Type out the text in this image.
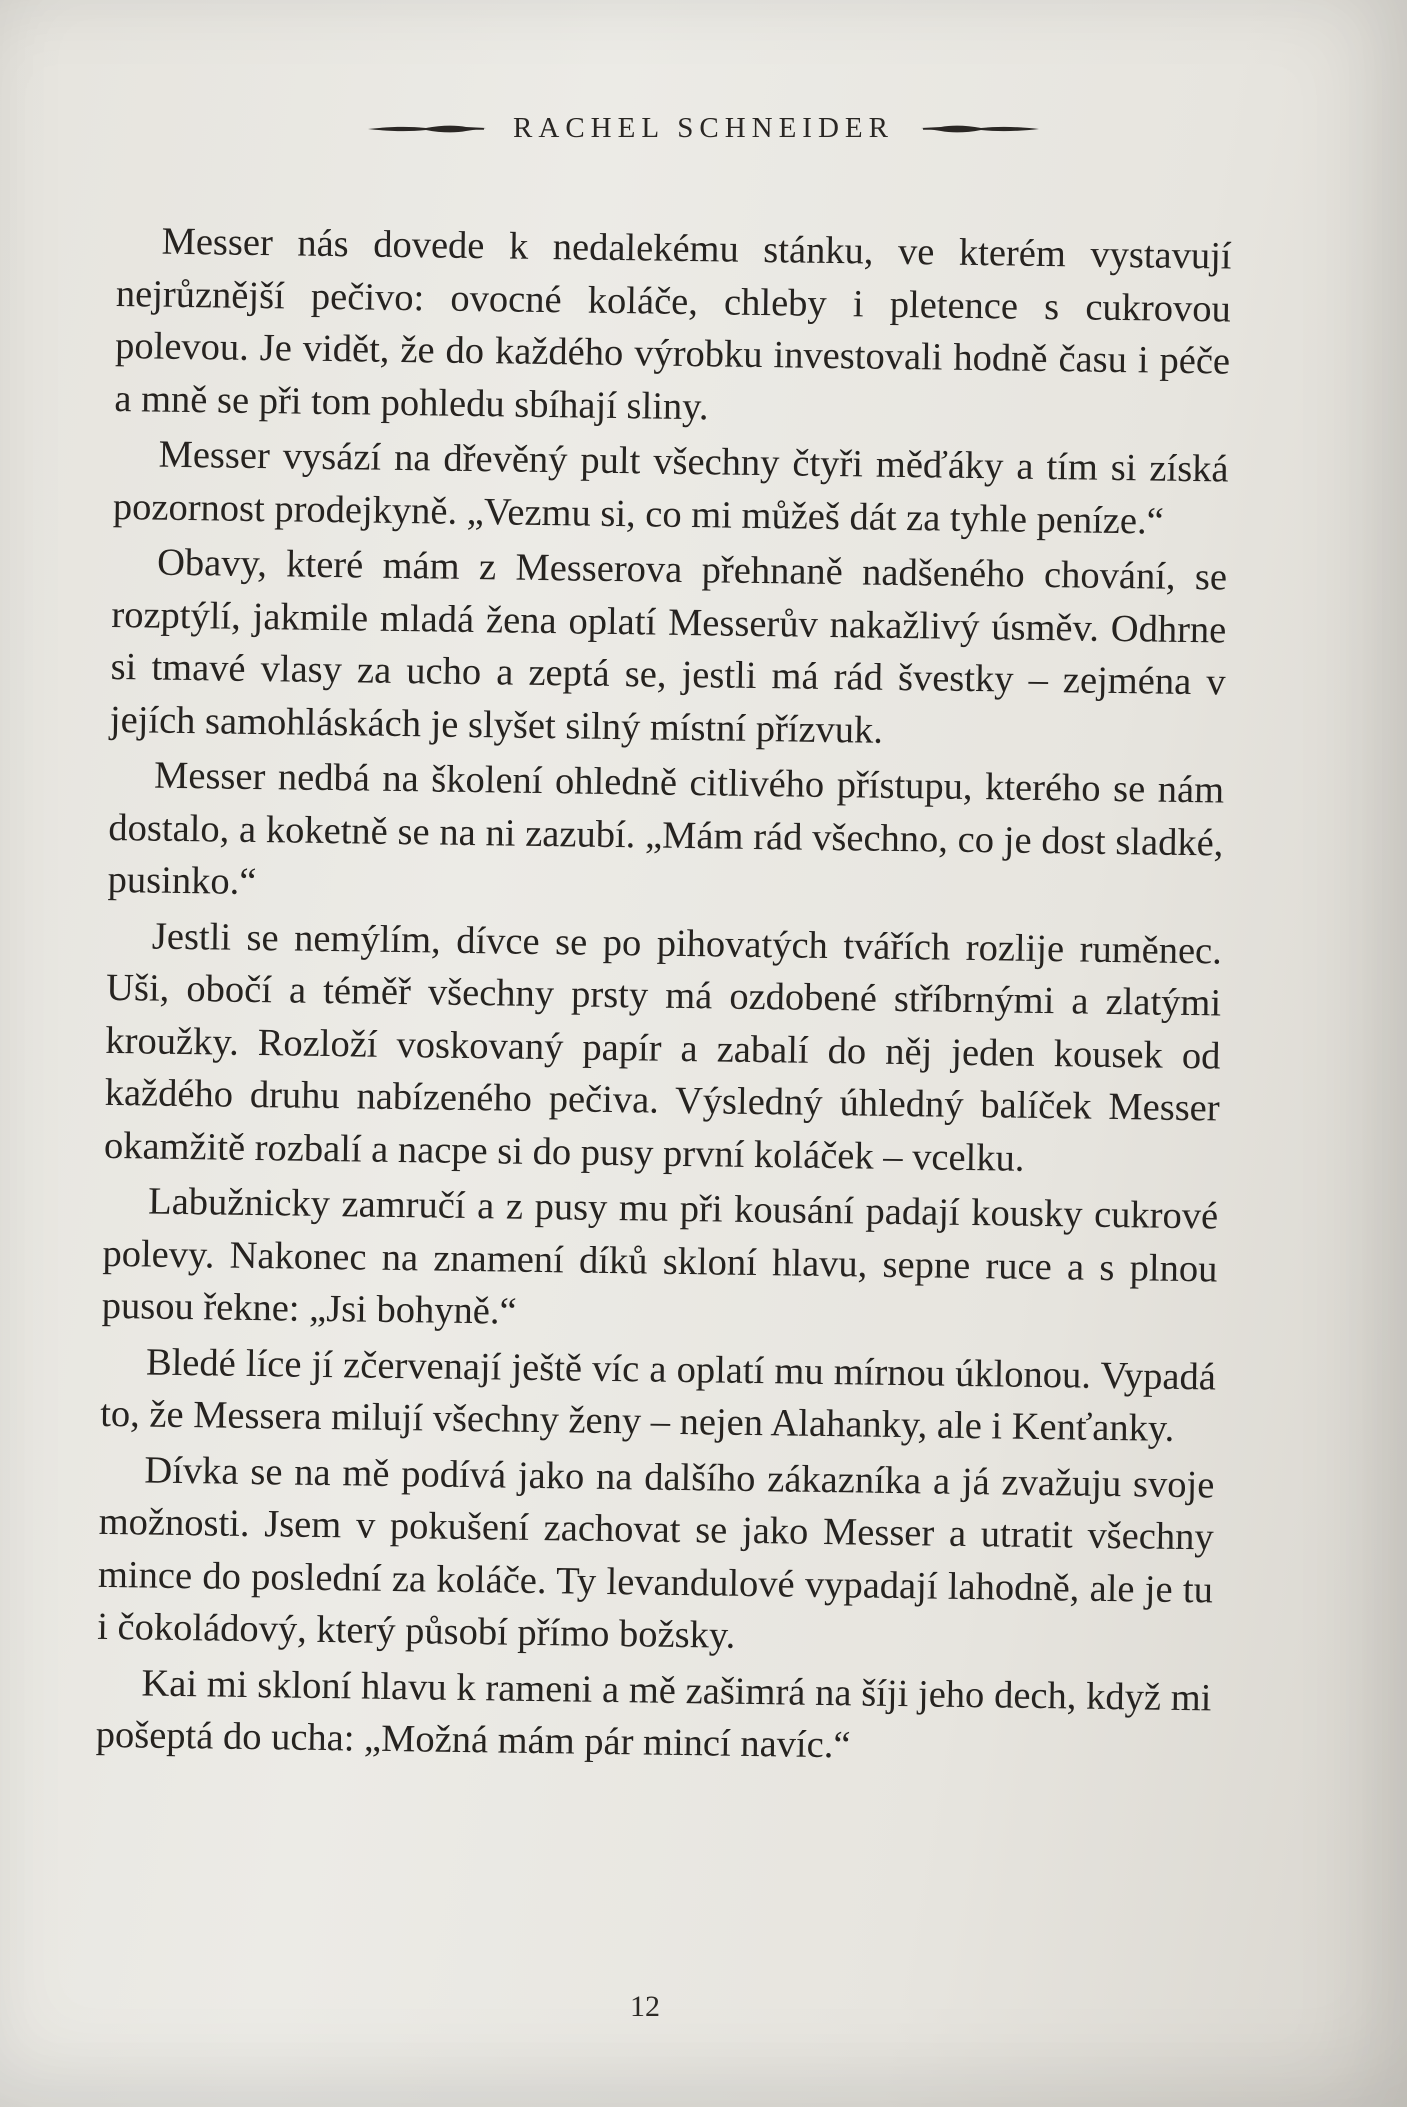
RACHEL SCHNEIDER

Messer nás dovede k nedalekému stánku, ve kterém vystavují nejrůznější pečivo: ovocné koláče, chleby i pletence s cukrovou polevou. Je vidět, že do každého výrobku investovali hodně času i péče a mně se při tom pohledu sbíhají sliny.

Messer vysází na dřevěný pult všechny čtyři měďáky a tím si získá pozornost prodejkyně. „Vezmu si, co mi můžeš dát za tyhle peníze.“

Obavy, které mám z Messerova přehnaně nadšeného chování, se rozptýlí, jakmile mladá žena oplatí Messerův nakažlivý úsměv. Odhrne si tmavé vlasy za ucho a zeptá se, jestli má rád švestky – zejména v jejích samohláskách je slyšet silný místní přízvuk.

Messer nedbá na školení ohledně citlivého přístupu, kterého se nám dostalo, a koketně se na ni zazubí. „Mám rád všechno, co je dost sladké, pusinko.“

Jestli se nemýlím, dívce se po pihovatých tvářích rozlije ruměnec. Uši, obočí a téměř všechny prsty má ozdobené stříbrnými a zlatými kroužky. Rozloží voskovaný papír a zabalí do něj jeden kousek od každého druhu nabízeného pečiva. Výsledný úhledný balíček Messer okamžitě rozbalí a nacpe si do pusy první koláček – vcelku.

Labužnicky zamručí a z pusy mu při kousání padají kousky cukrové polevy. Nakonec na znamení díků skloní hlavu, sepne ruce a s plnou pusou řekne: „Jsi bohyně.“

Bledé líce jí zčervenají ještě víc a oplatí mu mírnou úklonou. Vypadá to, že Messera milují všechny ženy – nejen Alahanky, ale i Kenťanky.

Dívka se na mě podívá jako na dalšího zákazníka a já zvažuju svoje možnosti. Jsem v pokušení zachovat se jako Messer a utratit všechny mince do poslední za koláče. Ty levandulové vypadají lahodně, ale je tu i čokoládový, který působí přímo božsky.

Kai mi skloní hlavu k rameni a mě zašimrá na šíji jeho dech, když mi pošeptá do ucha: „Možná mám pár mincí navíc.“

12
